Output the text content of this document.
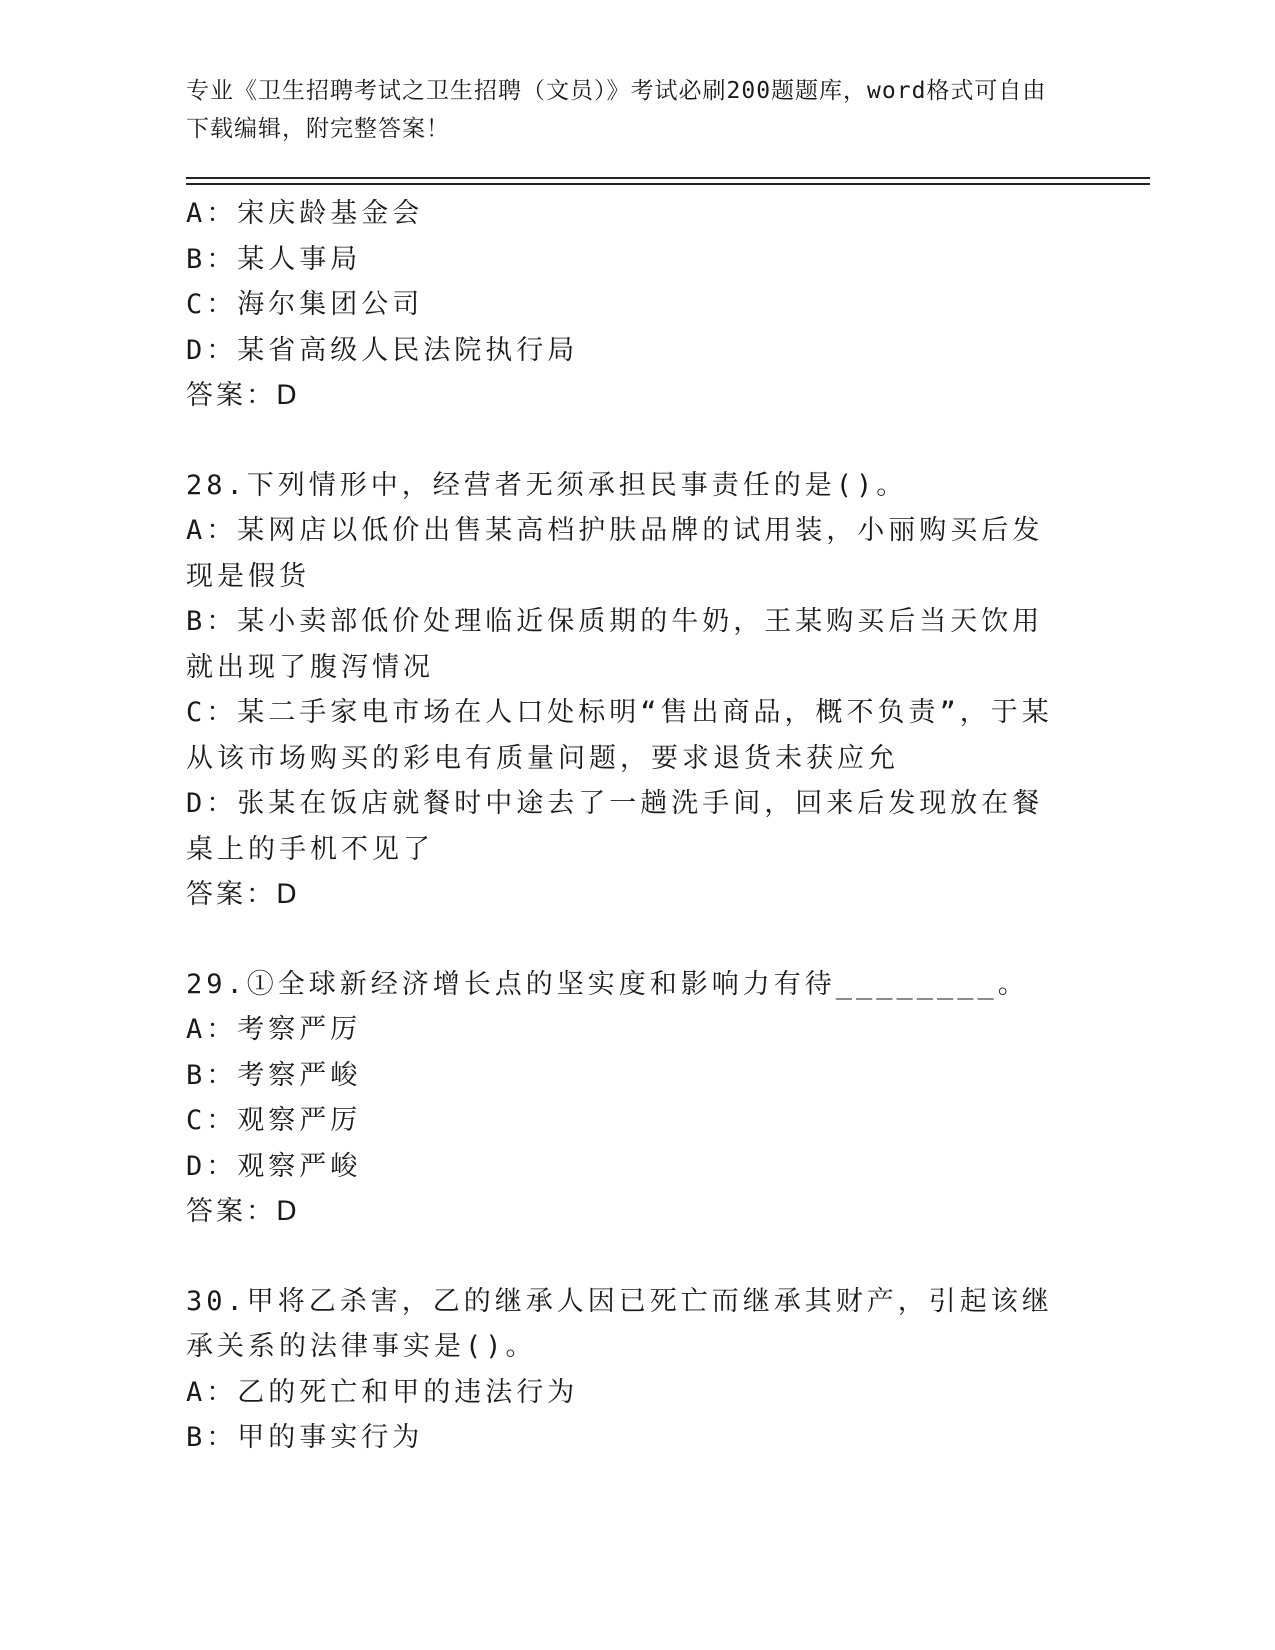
专业《卫生招聘考试之卫生招聘（文员）》考试必刷200题题库，word格式可自由下载编辑，附完整答案！
A：宋庆龄基金会
B：某人事局
C：海尔集团公司
D：某省高级人民法院执行局
答案：D
28.下列情形中，经营者无须承担民事责任的是()。
A：某网店以低价出售某高档护肤品牌的试用装，小丽购买后发现是假货
B：某小卖部低价处理临近保质期的牛奶，王某购买后当天饮用就出现了腹泻情况
C：某二手家电市场在人口处标明“售出商品，概不负责”，于某从该市场购买的彩电有质量问题，要求退货未获应允
D：张某在饭店就餐时中途去了一趟洗手间，回来后发现放在餐桌上的手机不见了
答案：D
29.①全球新经济增长点的坚实度和影响力有待________。
A：考察严厉
B：考察严峻
C：观察严厉
D：观察严峻
答案：D
30.甲将乙杀害，乙的继承人因已死亡而继承其财产，引起该继承关系的法律事实是()。
A：乙的死亡和甲的违法行为
B：甲的事实行为
